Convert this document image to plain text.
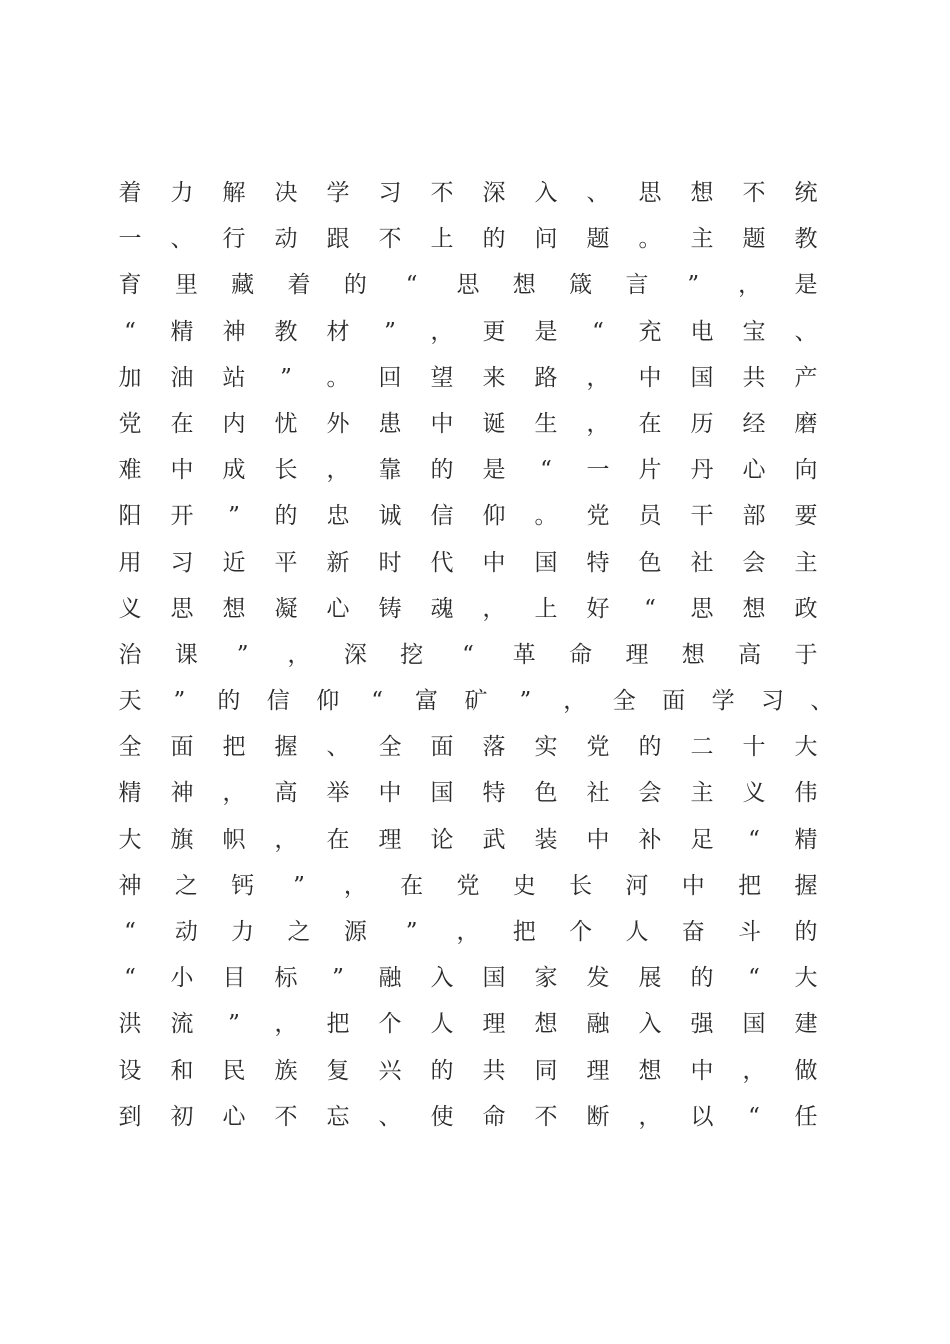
着 力 解 决 学 习 不 深 入 、 思 想 不 统
一 、 行 动 跟 不 上 的 问 题 。 主 题 教
育 里 藏 着 的 “ 思 想 箴 言 ” ， 是
“ 精 神 教 材 ” ， 更 是 “ 充 电 宝 、
加 油 站 ” 。 回 望 来 路 ， 中 国 共 产
党 在 内 忧 外 患 中 诞 生 ， 在 历 经 磨
难 中 成 长 ， 靠 的 是 “ 一 片 丹 心 向
阳 开 ” 的 忠 诚 信 仰 。 党 员 干 部 要
用 习 近 平 新 时 代 中 国 特 色 社 会 主
义 思 想 凝 心 铸 魂 ， 上 好 “ 思 想 政
治 课 ” ， 深 挖 “ 革 命 理 想 高 于
天 ” 的 信 仰 “ 富 矿 ” ， 全 面 学 习 、
全 面 把 握 、 全 面 落 实 党 的 二 十 大
精 神 ， 高 举 中 国 特 色 社 会 主 义 伟
大 旗 帜 ， 在 理 论 武 装 中 补 足 “ 精
神 之 钙 ” ， 在 党 史 长 河 中 把 握
“ 动 力 之 源 ” ， 把 个 人 奋 斗 的
“ 小 目 标 ” 融 入 国 家 发 展 的 “ 大
洪 流 ” ， 把 个 人 理 想 融 入 强 国 建
设 和 民 族 复 兴 的 共 同 理 想 中 ， 做
到 初 心 不 忘 、 使 命 不 断 ， 以 “ 任
